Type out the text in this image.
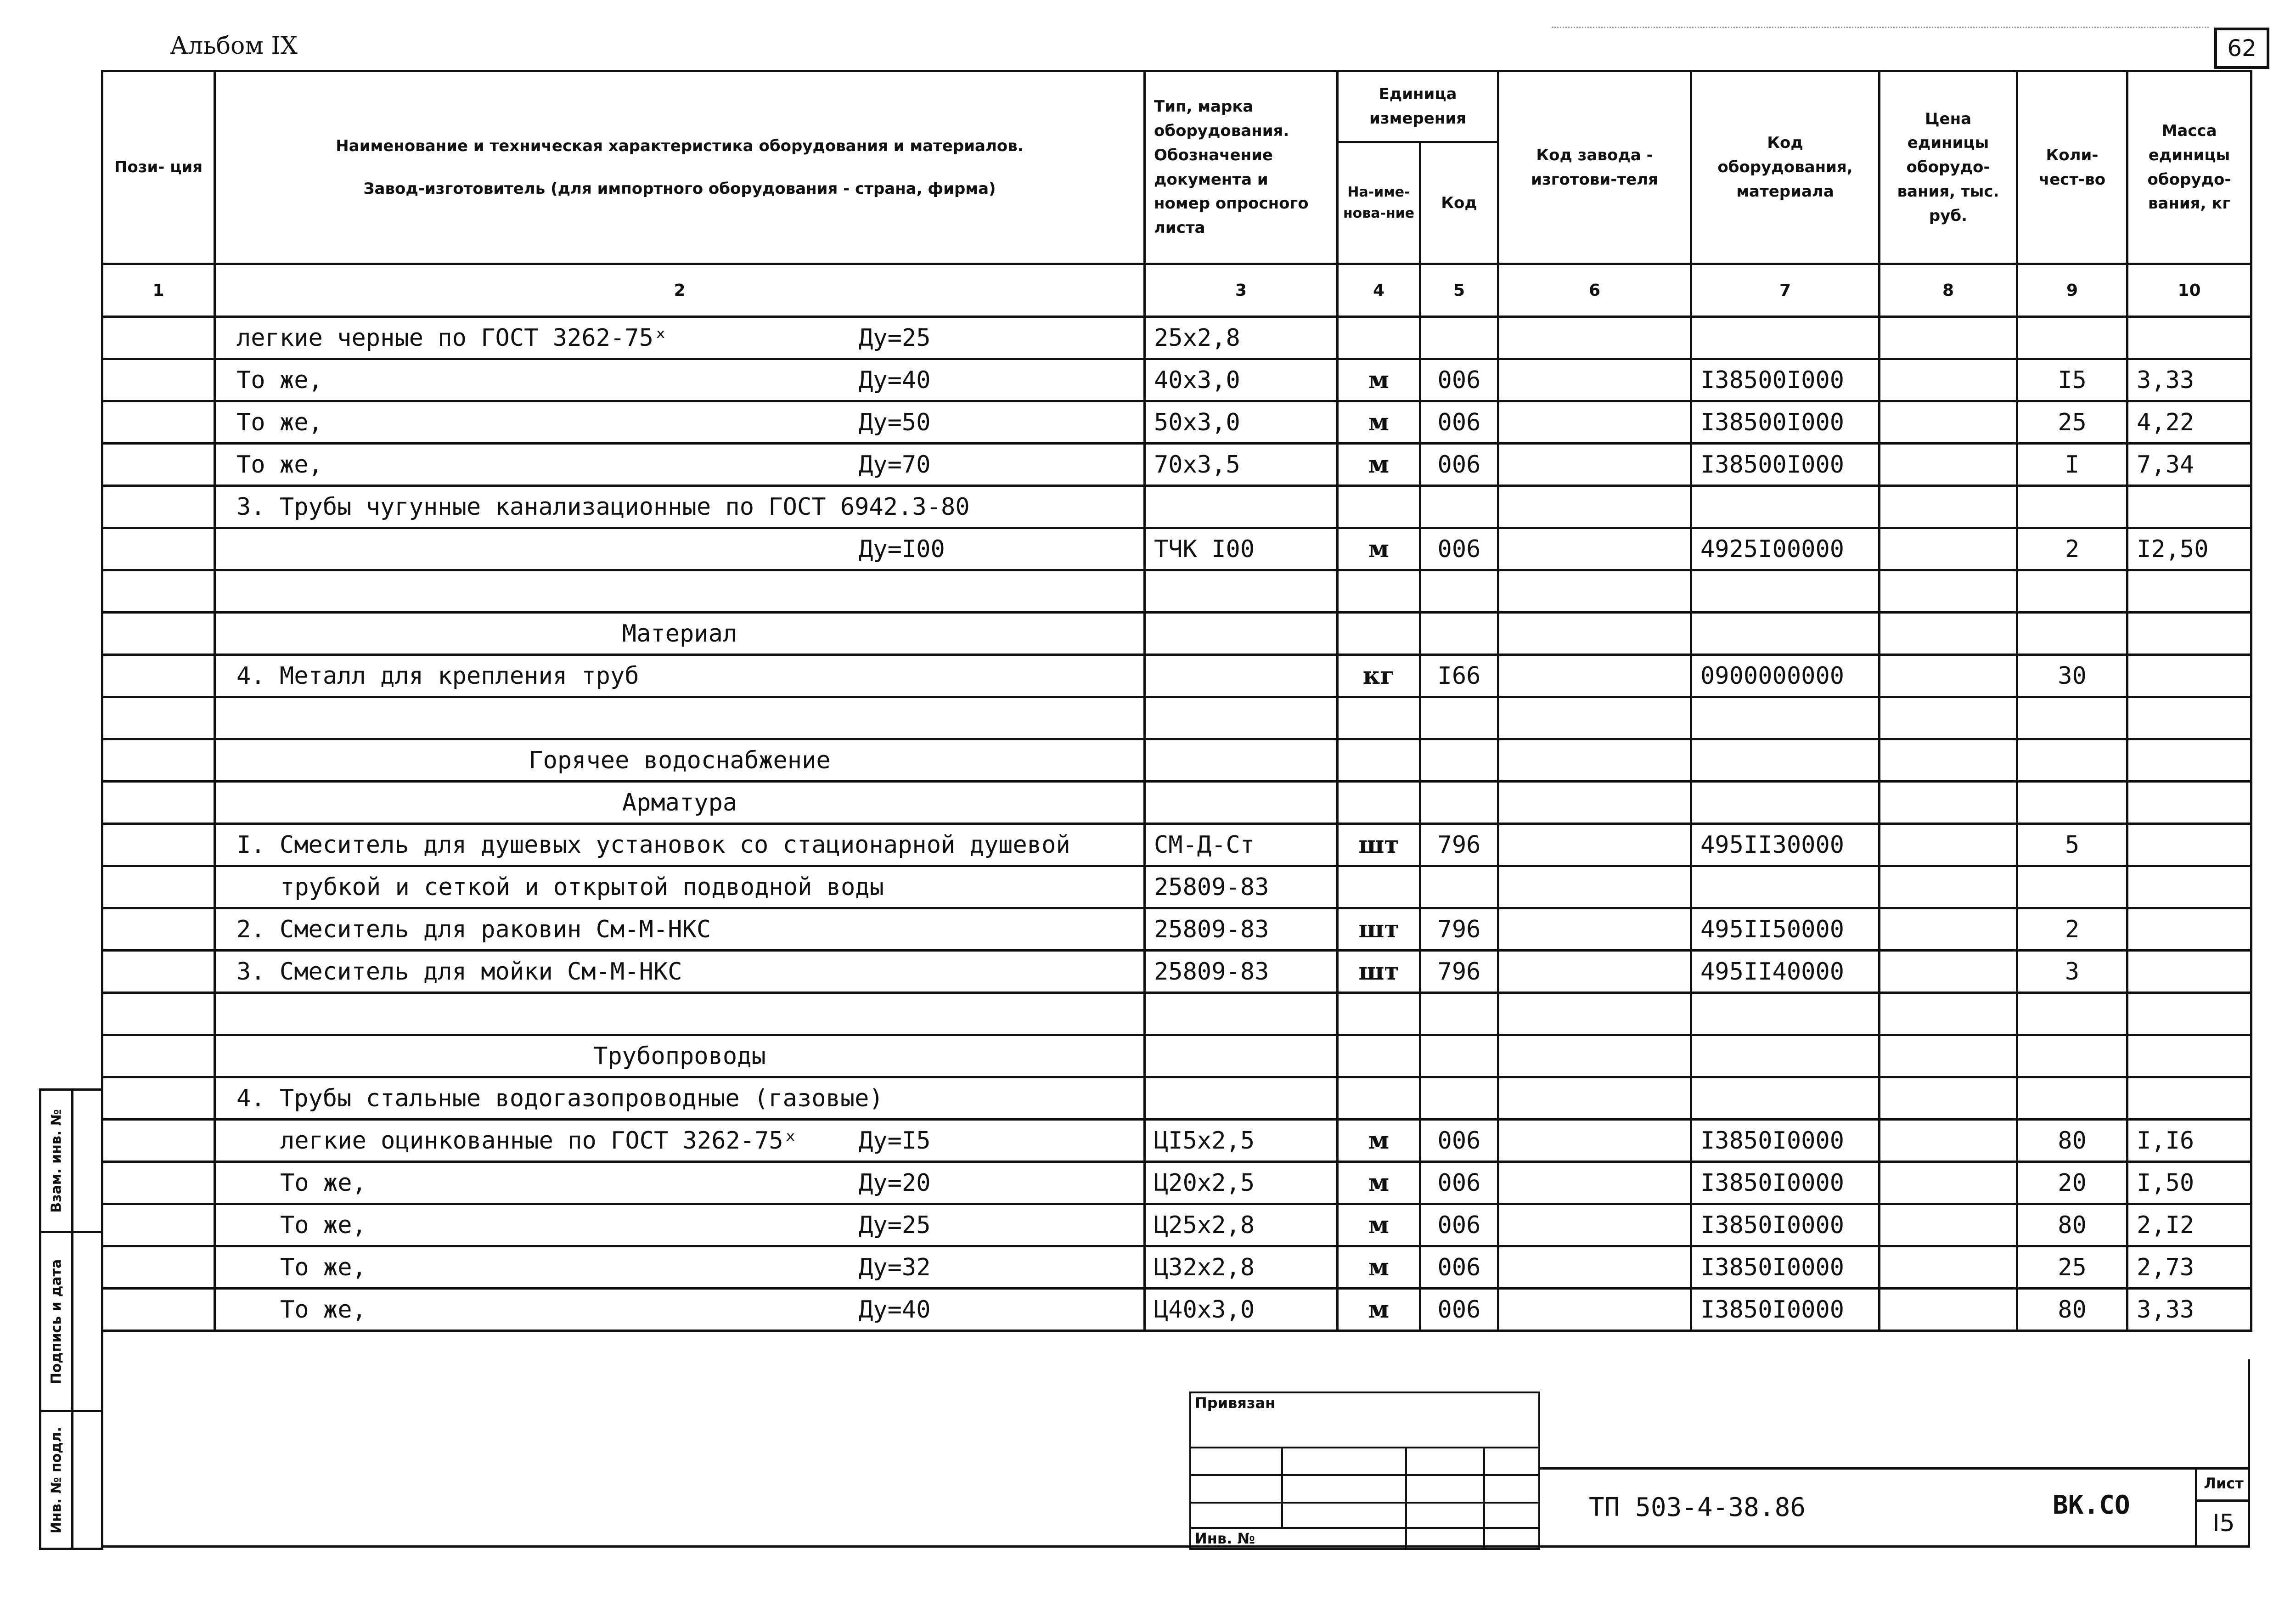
Альбом IX	62
Пози- ция	Наименование и техническая характеристика оборудования и материалов.
Завод-изготовитель (для импортного оборудования - страна, фирма)	Тип, марка оборудования. Обозначение документа и номер опросного листа	Единица измерения		Код завода - изготови-теля	Код оборудования, материала	Цена единицы оборудо-вания, тыс. руб.	Коли-чест-во	Масса единицы оборудо-вания, кг
			На-име-нова-ние	Код					
1	2	3	4	5	6	7	8	9	10
	легкие черные по ГОСТ 3262-75ˣ Ду=25	25х2,8							
	То же, Ду=40	40х3,0	м	006		I38500I000		I5	3,33
	То же, Ду=50	50х3,0	м	006		I38500I000		25	4,22
	То же, Ду=70	70х3,5	м	006		I38500I000		I	7,34
	3. Трубы чугунные канализационные по ГОСТ 6942.3-80

	Ду=I00	ТЧК I00	м	006		4925I00000		2	I2,50

	Материал

	4. Металл для крепления труб		кг	I66		0900000000		30	

	Горячее водоснабжение

	Арматура

	I. Смеситель для душевых установок со стационарной душевой	СМ-Д-Ст	шт	796		495II30000		5	
	трубкой и сеткой и открытой подводной воды	25809-83							
	2. Смеситель для раковин См-М-НКС	25809-83	шт	796		495II50000		2	
	3. Смеситель для мойки См-М-НКС	25809-83	шт	796		495II40000		3	

	Трубопроводы

	4. Трубы стальные водогазопроводные (газовые)

	легкие оцинкованные по ГОСТ 3262-75ˣ Ду=I5	ЦI5х2,5	м	006		I3850I0000		80	I,I6
	То же, Ду=20	Ц20х2,5	м	006		I3850I0000		20	I,50
	То же, Ду=25	Ц25х2,8	м	006		I3850I0000		80	2,I2
	То же, Ду=32	Ц32х2,8	м	006		I3850I0000		25	2,73
	То же, Ду=40	Ц40х3,0	м	006		I3850I0000		80	3,33
Привязан			

Инв. №			
ТП 503-4-38.86	ВК.СО
Лист
I5
Взам. инв. №	

Подпись и дата	

Инв. № подл.	
